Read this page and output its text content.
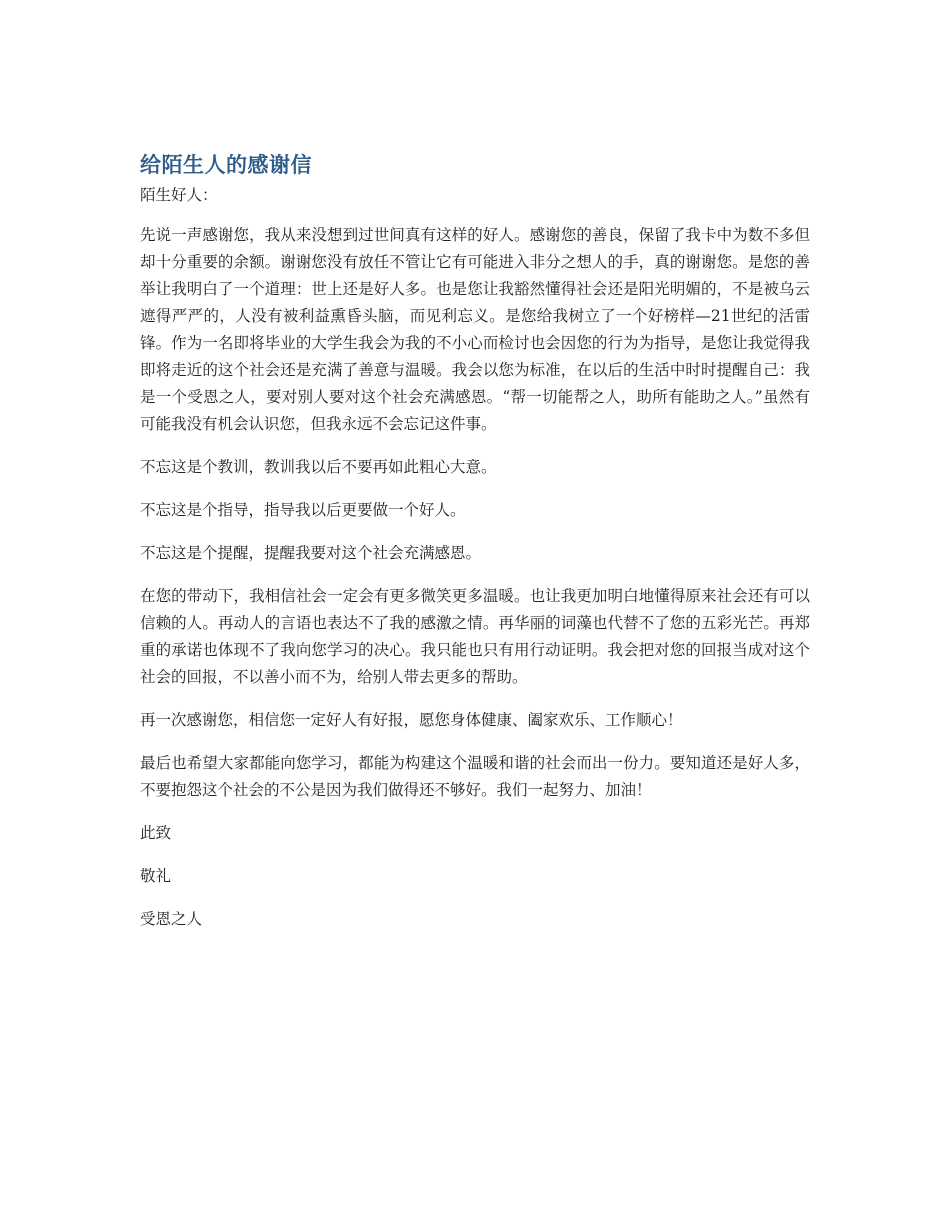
给陌生人的感谢信

陌生好人：

先说一声感谢您，我从来没想到过世间真有这样的好人。感谢您的善良，保留了我卡中为数不多但却十分重要的余额。谢谢您没有放任不管让它有可能进入非分之想人的手，真的谢谢您。是您的善举让我明白了一个道理：世上还是好人多。也是您让我豁然懂得社会还是阳光明媚的，不是被乌云遮得严严的，人没有被利益熏昏头脑，而见利忘义。是您给我树立了一个好榜样—21世纪的活雷锋。作为一名即将毕业的大学生我会为我的不小心而检讨也会因您的行为为指导，是您让我觉得我即将走近的这个社会还是充满了善意与温暖。我会以您为标准，在以后的生活中时时提醒自己：我是一个受恩之人，要对别人要对这个社会充满感恩。“帮一切能帮之人，助所有能助之人。”虽然有可能我没有机会认识您，但我永远不会忘记这件事。

不忘这是个教训，教训我以后不要再如此粗心大意。

不忘这是个指导，指导我以后更要做一个好人。

不忘这是个提醒，提醒我要对这个社会充满感恩。

在您的带动下，我相信社会一定会有更多微笑更多温暖。也让我更加明白地懂得原来社会还有可以信赖的人。再动人的言语也表达不了我的感激之情。再华丽的词藻也代替不了您的五彩光芒。再郑重的承诺也体现不了我向您学习的决心。我只能也只有用行动证明。我会把对您的回报当成对这个社会的回报，不以善小而不为，给别人带去更多的帮助。

再一次感谢您，相信您一定好人有好报，愿您身体健康、阖家欢乐、工作顺心！

最后也希望大家都能向您学习，都能为构建这个温暖和谐的社会而出一份力。要知道还是好人多，不要抱怨这个社会的不公是因为我们做得还不够好。我们一起努力、加油！

此致

敬礼

受恩之人
